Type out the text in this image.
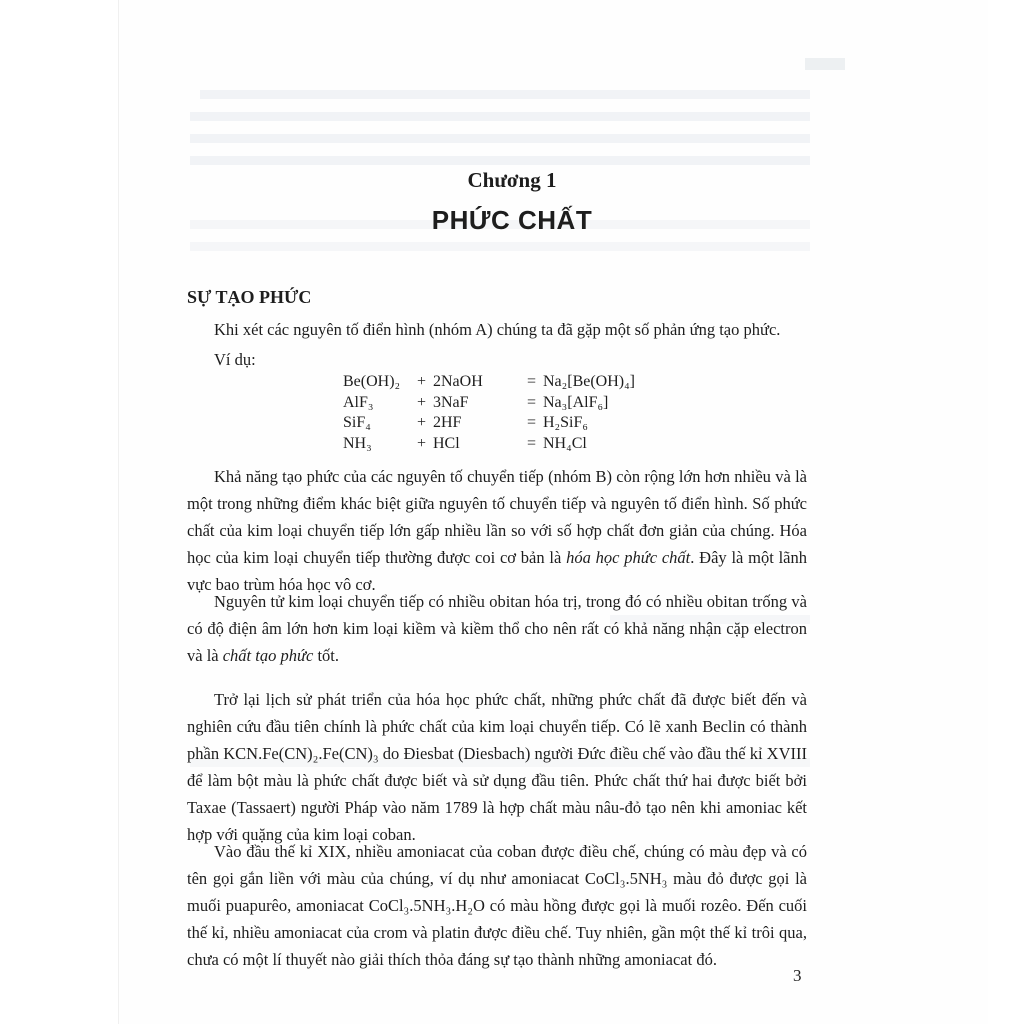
Chương 1
PHỨC CHẤT
SỰ TẠO PHỨC
Khi xét các nguyên tố điển hình (nhóm A) chúng ta đã gặp một số phản ứng tạo phức.
Ví dụ:
Be(OH)₂	+	2NaOH	=	Na₂[Be(OH)₄]
AlF₃	+	3NaF	=	Na₃[AlF₆]
SiF₄	+	2HF	=	H₂SiF₆
NH₃	+	HCl	=	NH₄Cl
Khả năng tạo phức của các nguyên tố chuyển tiếp (nhóm B) còn rộng lớn hơn nhiều và là một trong những điểm khác biệt giữa nguyên tố chuyển tiếp và nguyên tố điển hình. Số phức chất của kim loại chuyển tiếp lớn gấp nhiều lần so với số hợp chất đơn giản của chúng. Hóa học của kim loại chuyển tiếp thường được coi cơ bản là hóa học phức chất. Đây là một lãnh vực bao trùm hóa học vô cơ.
Nguyên tử kim loại chuyển tiếp có nhiều obitan hóa trị, trong đó có nhiều obitan trống và có độ điện âm lớn hơn kim loại kiềm và kiềm thổ cho nên rất có khả năng nhận cặp electron và là chất tạo phức tốt.
Trở lại lịch sử phát triển của hóa học phức chất, những phức chất đã được biết đến và nghiên cứu đầu tiên chính là phức chất của kim loại chuyển tiếp. Có lẽ xanh Beclin có thành phần KCN.Fe(CN)₂.Fe(CN)₃ do Điesbat (Diesbach) người Đức điều chế vào đầu thế kỉ XVIII để làm bột màu là phức chất được biết và sử dụng đầu tiên. Phức chất thứ hai được biết bởi Taxae (Tassaert) người Pháp vào năm 1789 là hợp chất màu nâu-đỏ tạo nên khi amoniac kết hợp với quặng của kim loại coban.
Vào đầu thế kỉ XIX, nhiều amoniacat của coban được điều chế, chúng có màu đẹp và có tên gọi gắn liền với màu của chúng, ví dụ như amoniacat CoCl₃.5NH₃ màu đỏ được gọi là muối puapurêo, amoniacat CoCl₃.5NH₃.H₂O có màu hồng được gọi là muối rozêo. Đến cuối thế kỉ, nhiều amoniacat của crom và platin được điều chế. Tuy nhiên, gần một thế kỉ trôi qua, chưa có một lí thuyết nào giải thích thỏa đáng sự tạo thành những amoniacat đó.
3
